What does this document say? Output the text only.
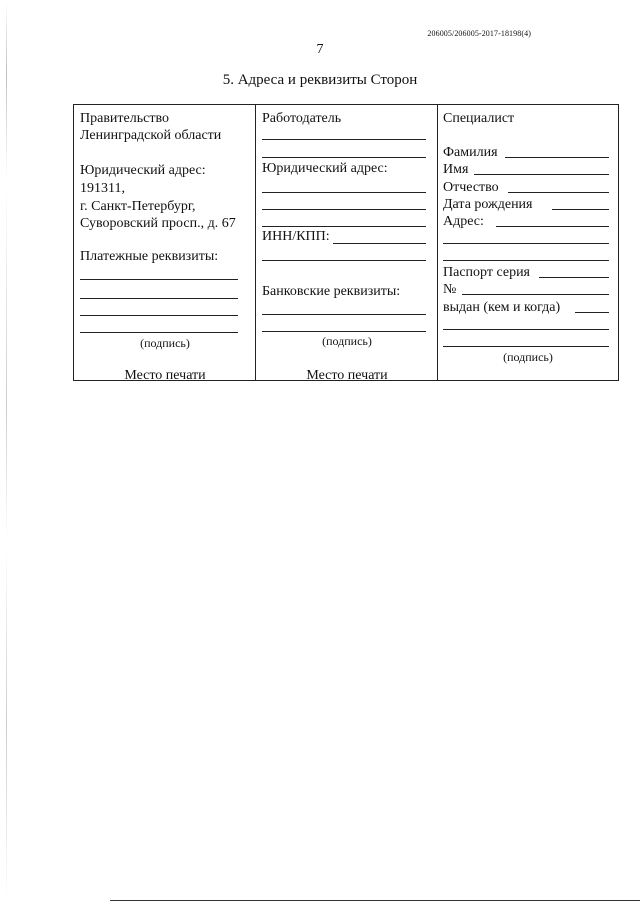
206005/206005-2017-18198(4)
7
5. Адреса и реквизиты Сторон
Правительство
Ленинградской области
Юридический адрес:
191311,
г. Санкт-Петербург,
Суворовский просп., д. 67
Платежные реквизиты:
(подпись)
Место печати
Работодатель
Юридический адрес:
ИНН/КПП:
Банковские реквизиты:
(подпись)
Место печати
Специалист
Фамилия
Имя
Отчество
Дата рождения
Адрес:
Паспорт серия
№
выдан (кем и когда)
(подпись)
